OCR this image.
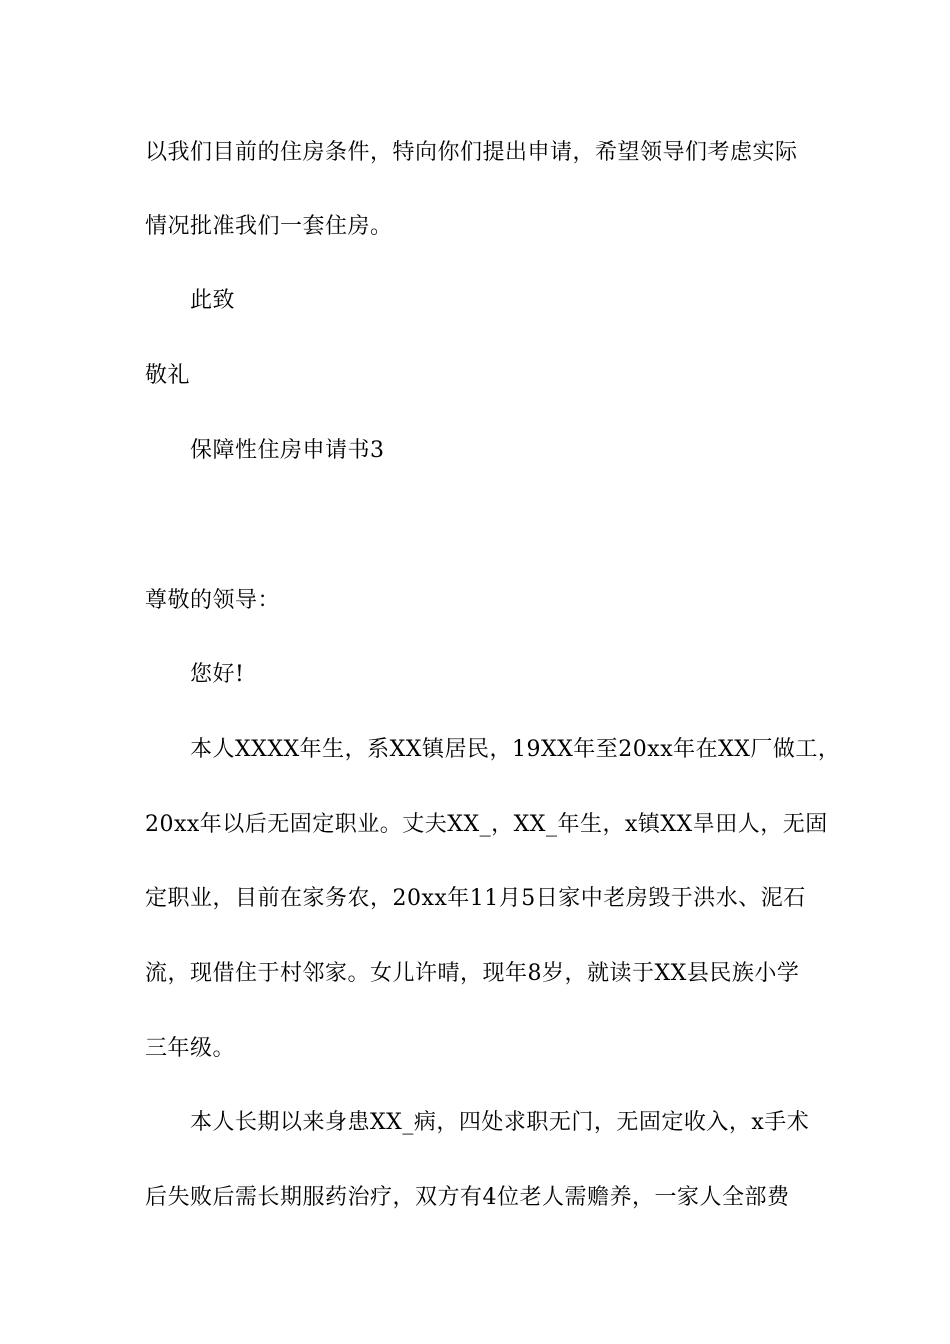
以我们目前的住房条件，特向你们提出申请，希望领导们考虑实际
情况批准我们一套住房。
此致
敬礼
保障性住房申请书3
尊敬的领导：
您好!
本人XXXX年生，系XX镇居民，19XX年至20xx年在XX厂做工，
20xx年以后无固定职业。丈夫XX_，XX_年生，x镇XX旱田人，无固
定职业，目前在家务农，20xx年11月5日家中老房毁于洪水、泥石
流，现借住于村邻家。女儿许晴，现年8岁，就读于XX县民族小学
三年级。
本人长期以来身患XX_病，四处求职无门，无固定收入，x手术
后失败后需长期服药治疗，双方有4位老人需赡养，一家人全部费
